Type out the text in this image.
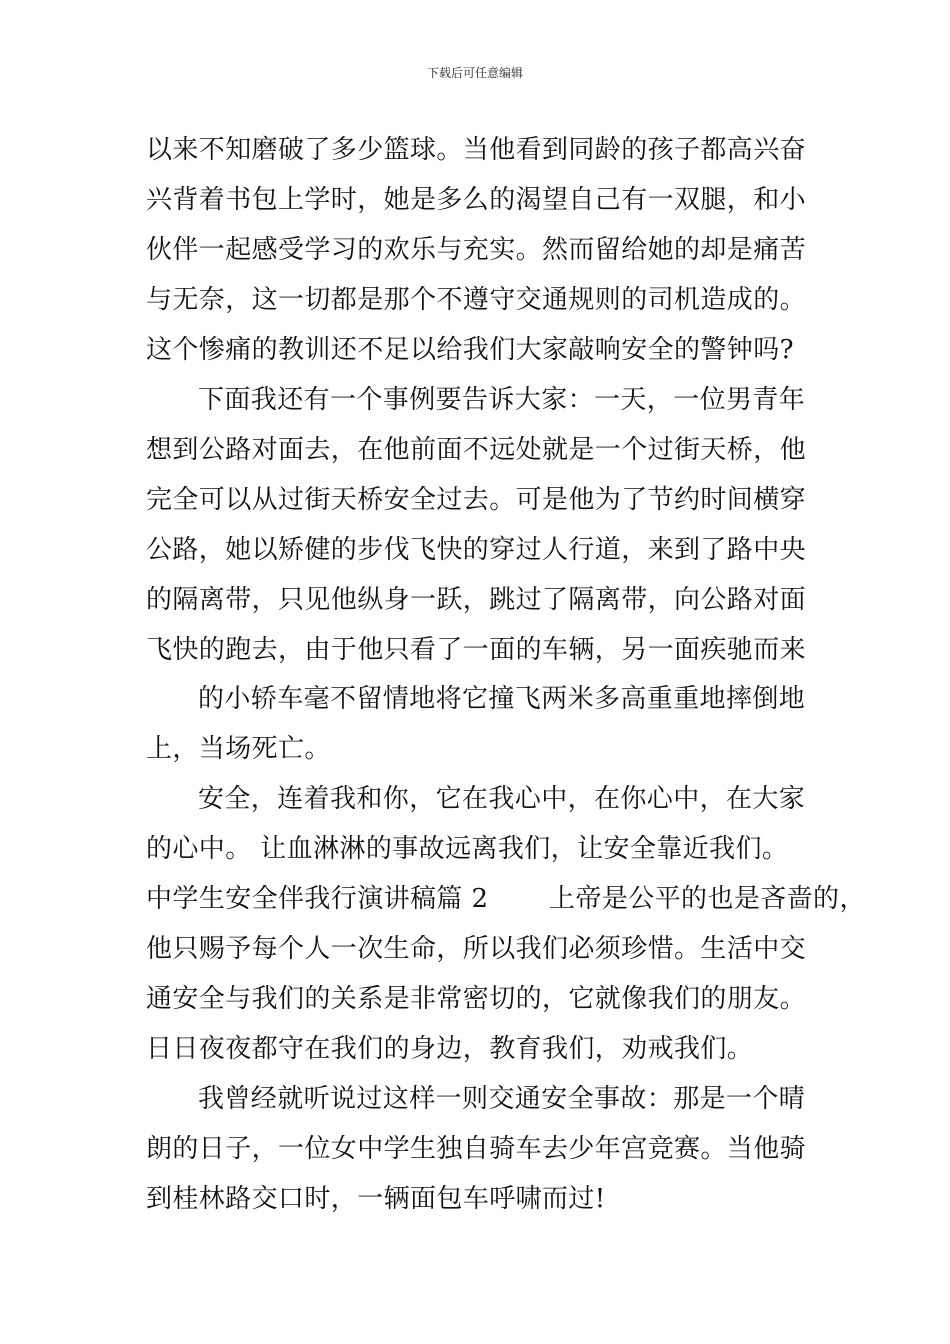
下载后可任意编辑
以来不知磨破了多少篮球。当他看到同龄的孩子都高兴奋
兴背着书包上学时，她是多么的渴望自己有一双腿，和小
伙伴一起感受学习的欢乐与充实。然而留给她的却是痛苦
与无奈，这一切都是那个不遵守交通规则的司机造成的。
这个惨痛的教训还不足以给我们大家敲响安全的警钟吗?
下面我还有一个事例要告诉大家：一天，一位男青年
想到公路对面去，在他前面不远处就是一个过街天桥，他
完全可以从过街天桥安全过去。可是他为了节约时间横穿
公路，她以矫健的步伐飞快的穿过人行道，来到了路中央
的隔离带，只见他纵身一跃，跳过了隔离带，向公路对面
飞快的跑去，由于他只看了一面的车辆，另一面疾驰而来
的小轿车毫不留情地将它撞飞两米多高重重地摔倒地
上，当场死亡。
安全，连着我和你，它在我心中，在你心中，在大家
的心中。 让血淋淋的事故远离我们，让安全靠近我们。
中学生安全伴我行演讲稿篇 2       上帝是公平的也是吝啬的，
他只赐予每个人一次生命，所以我们必须珍惜。生活中交
通安全与我们的关系是非常密切的，它就像我们的朋友。
日日夜夜都守在我们的身边，教育我们，劝戒我们。
我曾经就听说过这样一则交通安全事故：那是一个晴
朗的日子，一位女中学生独自骑车去少年宫竞赛。当他骑
到桂林路交口时，一辆面包车呼啸而过!
